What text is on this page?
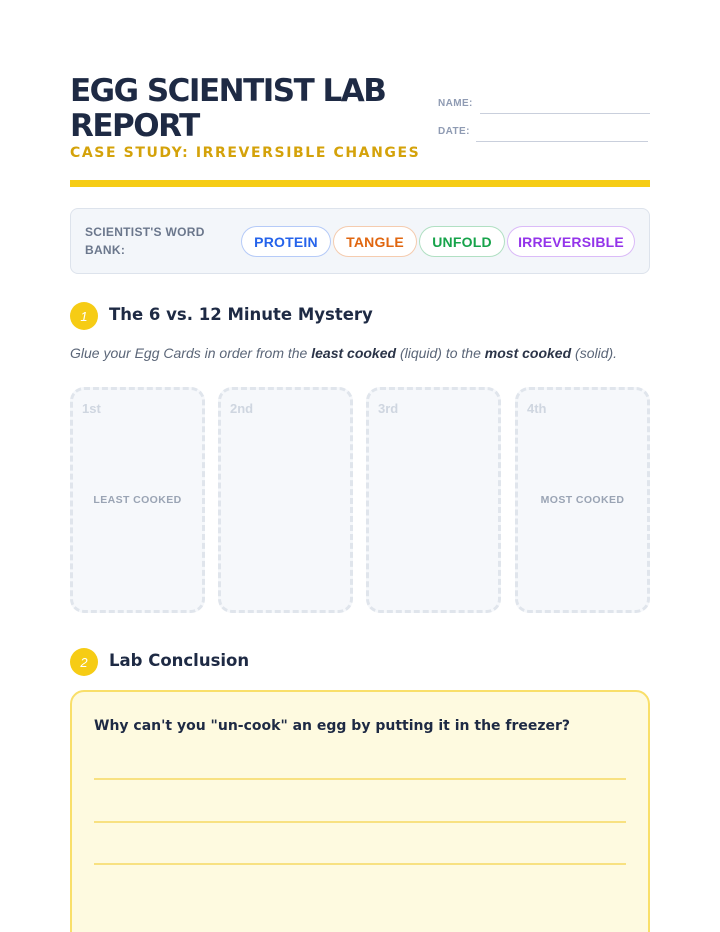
EGG SCIENTIST LAB REPORT
CASE STUDY: IRREVERSIBLE CHANGES
NAME:
DATE:
SCIENTIST'S WORD BANK:
PROTEIN TANGLE UNFOLD IRREVERSIBLE
1	The 6 vs. 12 Minute Mystery
Glue your Egg Cards in order from the least cooked (liquid) to the most cooked (solid).
1st
LEAST COOKED
2nd	3rd	4th
MOST COOKED
2	Lab Conclusion
Why can't you "un-cook" an egg by putting it in the freezer?
